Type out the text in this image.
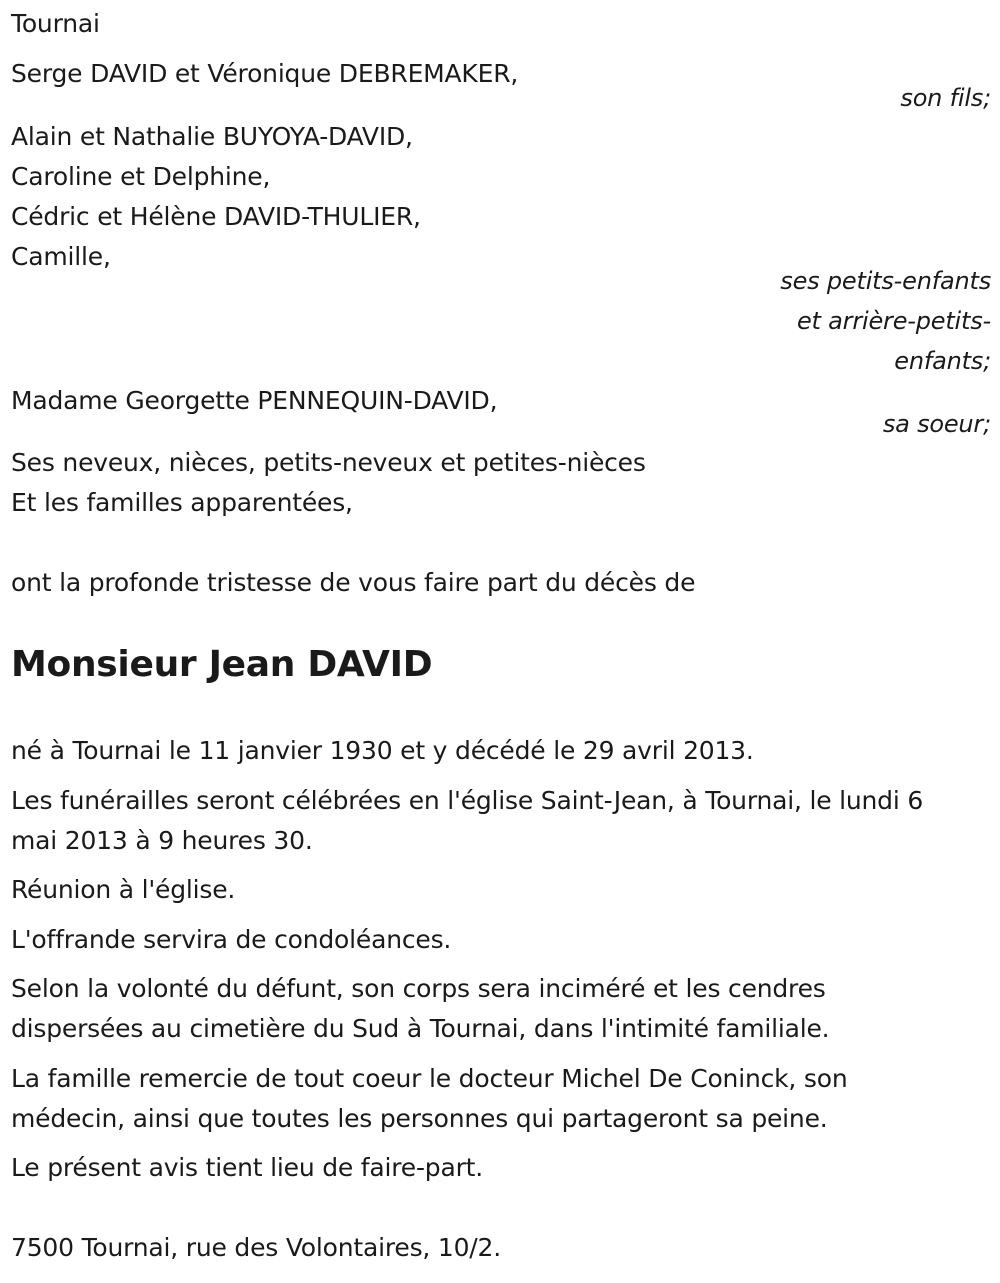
Tournai
Serge DAVID et Véronique DEBREMAKER,
son fils;
Alain et Nathalie BUYOYA-DAVID,
Caroline et Delphine,
Cédric et Hélène DAVID-THULIER,
Camille,
ses petits-enfants
et arrière-petits-
enfants;
Madame Georgette PENNEQUIN-DAVID,
sa soeur;
Ses neveux, nièces, petits-neveux et petites-nièces
Et les familles apparentées,
ont la profonde tristesse de vous faire part du décès de
Monsieur Jean DAVID
né à Tournai le 11 janvier 1930 et y décédé le 29 avril 2013.
Les funérailles seront célébrées en l'église Saint-Jean, à Tournai, le lundi 6
mai 2013 à 9 heures 30.
Réunion à l'église.
L'offrande servira de condoléances.
Selon la volonté du défunt, son corps sera inciméré et les cendres
dispersées au cimetière du Sud à Tournai, dans l'intimité familiale.
La famille remercie de tout coeur le docteur Michel De Coninck, son
médecin, ainsi que toutes les personnes qui partageront sa peine.
Le présent avis tient lieu de faire-part.
7500 Tournai, rue des Volontaires, 10/2.
